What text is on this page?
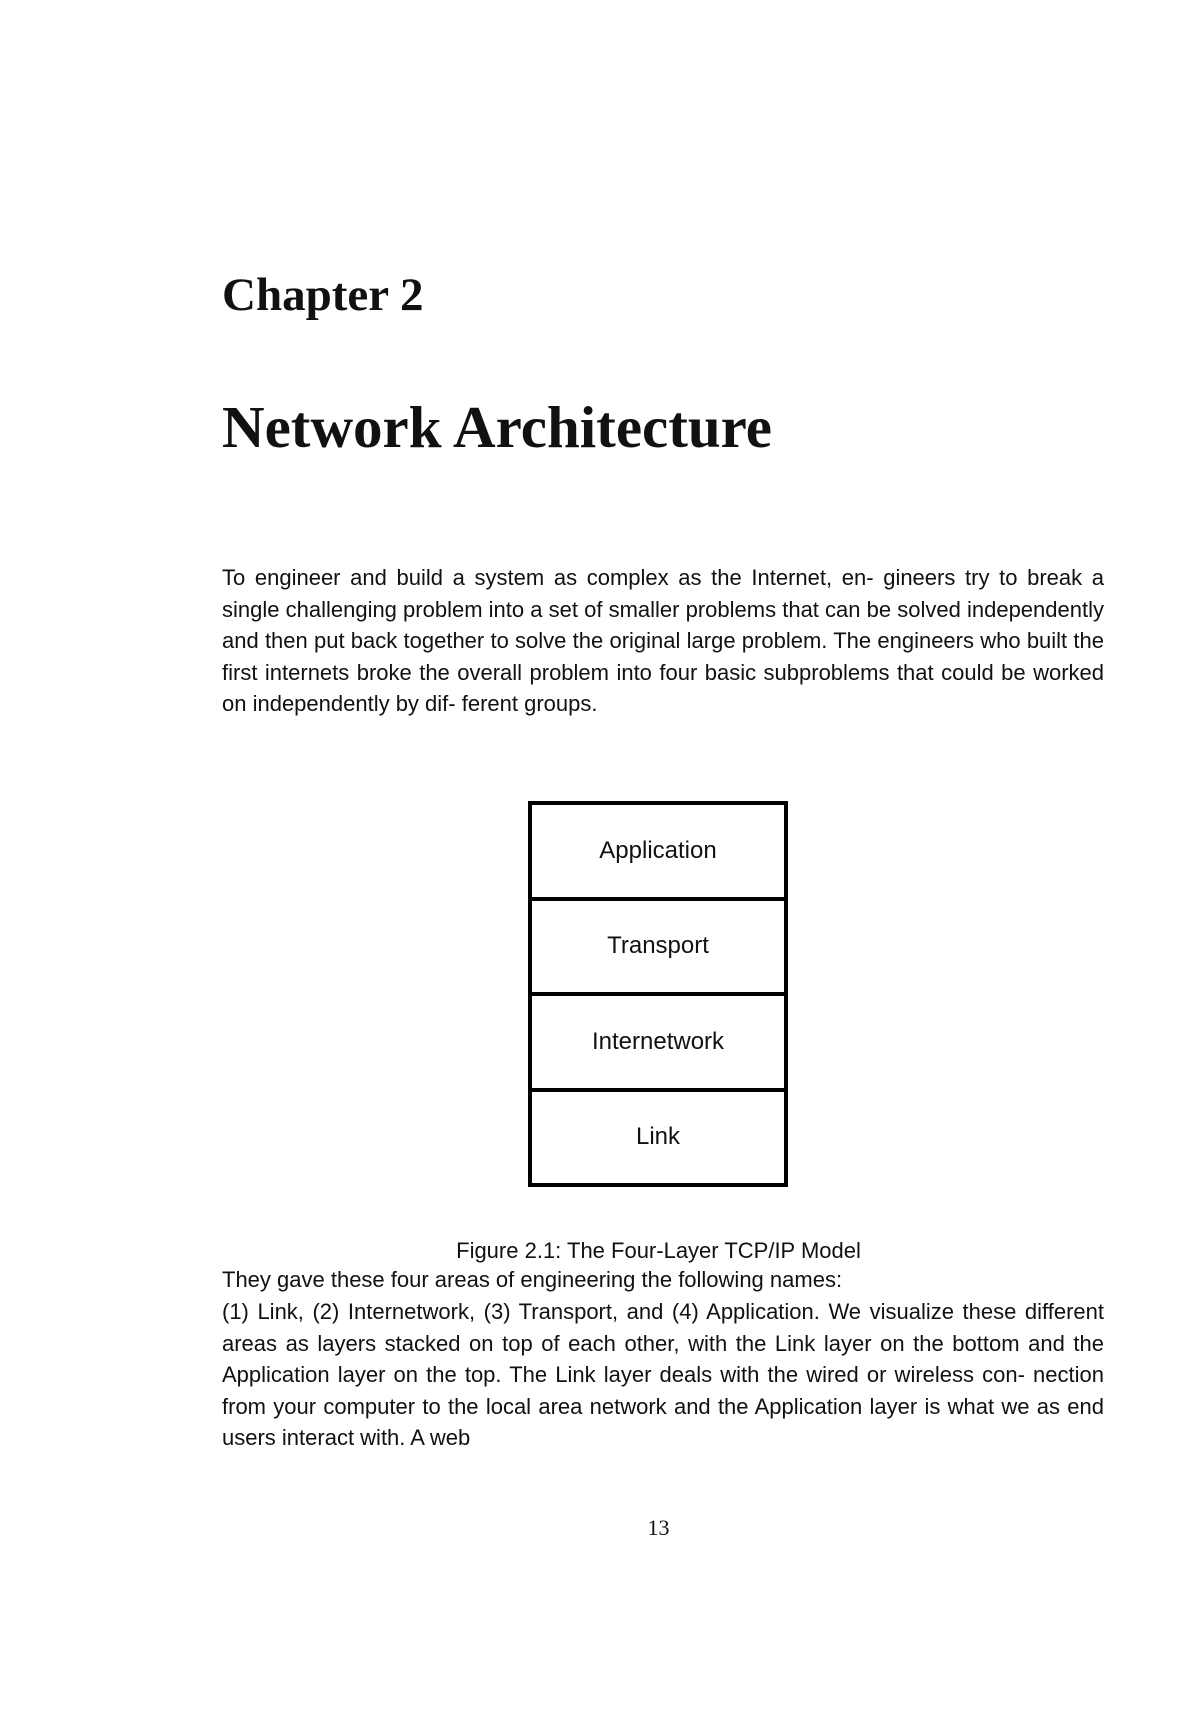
Chapter 2
Network Architecture

To engineer and build a system as complex as the Internet, en- gineers try to break a single challenging problem into a set of smaller problems that can be solved independently and then put back together to solve the original large problem. The engineers who built the first internets broke the overall problem into four basic subproblems that could be worked on independently by dif- ferent groups.

Application
Transport
Internetwork
Link

Figure 2.1: The Four-Layer TCP/IP Model

They gave these four areas of engineering the following names:

(1) Link, (2) Internetwork, (3) Transport, and (4) Application. We visualize these different areas as layers stacked on top of each other, with the Link layer on the bottom and the Application layer on the top. The Link layer deals with the wired or wireless con- nection from your computer to the local area network and the Application layer is what we as end users interact with. A web

13
